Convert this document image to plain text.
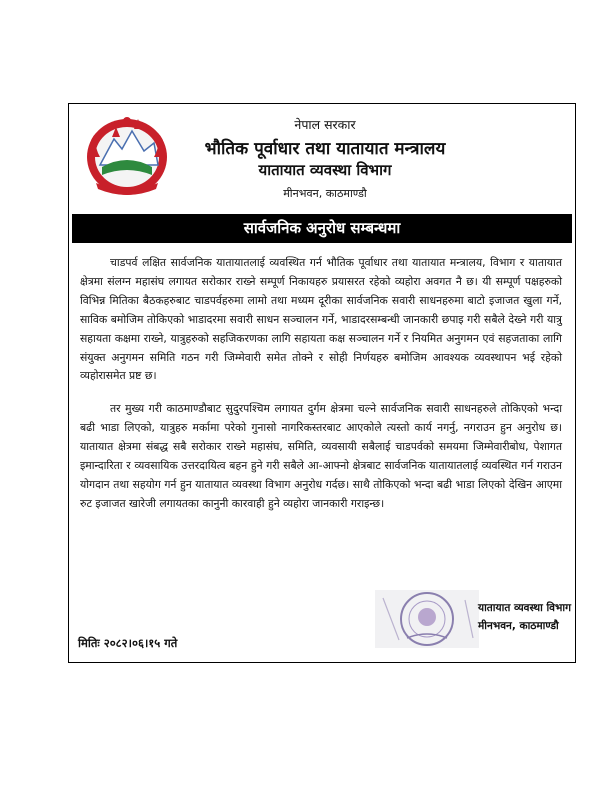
नेपाल सरकार
भौतिक पूर्वाधार तथा यातायात मन्त्रालय
यातायात व्यवस्था विभाग
मीनभवन, काठमाण्डौ
सार्वजनिक अनुरोध सम्बन्धमा

चाडपर्व लक्षित सार्वजनिक यातायातलाई व्यवस्थित गर्न भौतिक पूर्वाधार तथा यातायात मन्त्रालय, विभाग र यातायात क्षेत्रमा संलग्न महासंघ लगायत सरोकार राख्ने सम्पूर्ण निकायहरु प्रयासरत रहेको व्यहोरा अवगत नै छ। यी सम्पूर्ण पक्षहरुको विभिन्न मितिका बैठकहरुबाट चाडपर्वहरुमा लामो तथा मध्यम दूरीका सार्वजनिक सवारी साधनहरुमा बाटो इजाजत खुला गर्ने, साविक बमोजिम तोकिएको भाडादरमा सवारी साधन सञ्चालन गर्ने, भाडादरसम्बन्धी जानकारी छपाइ गरी सबैले देख्ने गरी यात्रु सहायता कक्षमा राख्ने, यात्रुहरुको सहजिकरणका लागि सहायता कक्ष सञ्चालन गर्ने र नियमित अनुगमन एवं सहजताका लागि संयुक्त अनुगमन समिति गठन गरी जिम्मेवारी समेत तोक्ने र सोही निर्णयहरु बमोजिम आवश्यक व्यवस्थापन भई रहेको व्यहोरासमेत प्रष्ट छ।

तर मुख्य गरी काठमाण्डौबाट सुदुरपश्चिम लगायत दुर्गम क्षेत्रमा चल्ने सार्वजनिक सवारी साधनहरुले तोकिएको भन्दा बढी भाडा लिएको, यात्रुहरु मर्कामा परेको गुनासो नागरिकस्तरबाट आएकोले त्यस्तो कार्य नगर्नु, नगराउन हुन अनुरोध छ। यातायात क्षेत्रमा संबद्ध सबै सरोकार राख्ने महासंघ, समिति, व्यवसायी सबैलाई चाडपर्वको समयमा जिम्मेवारीबोध, पेशागत इमान्दारिता र व्यवसायिक उत्तरदायित्व बहन हुने गरी सबैले आ-आफ्नो क्षेत्रबाट सार्वजनिक यातायातलाई व्यवस्थित गर्न गराउन योगदान तथा सहयोग गर्न हुन यातायात व्यवस्था विभाग अनुरोध गर्दछ। साथै तोकिएको भन्दा बढी भाडा लिएको देखिन आएमा रुट इजाजत खारेजी लगायतका कानुनी कारवाही हुने व्यहोरा जानकारी गराइन्छ।

यातायात व्यवस्था विभाग
मीनभवन, काठमाण्डौ
मितिः २०८२।०६।१५ गते
